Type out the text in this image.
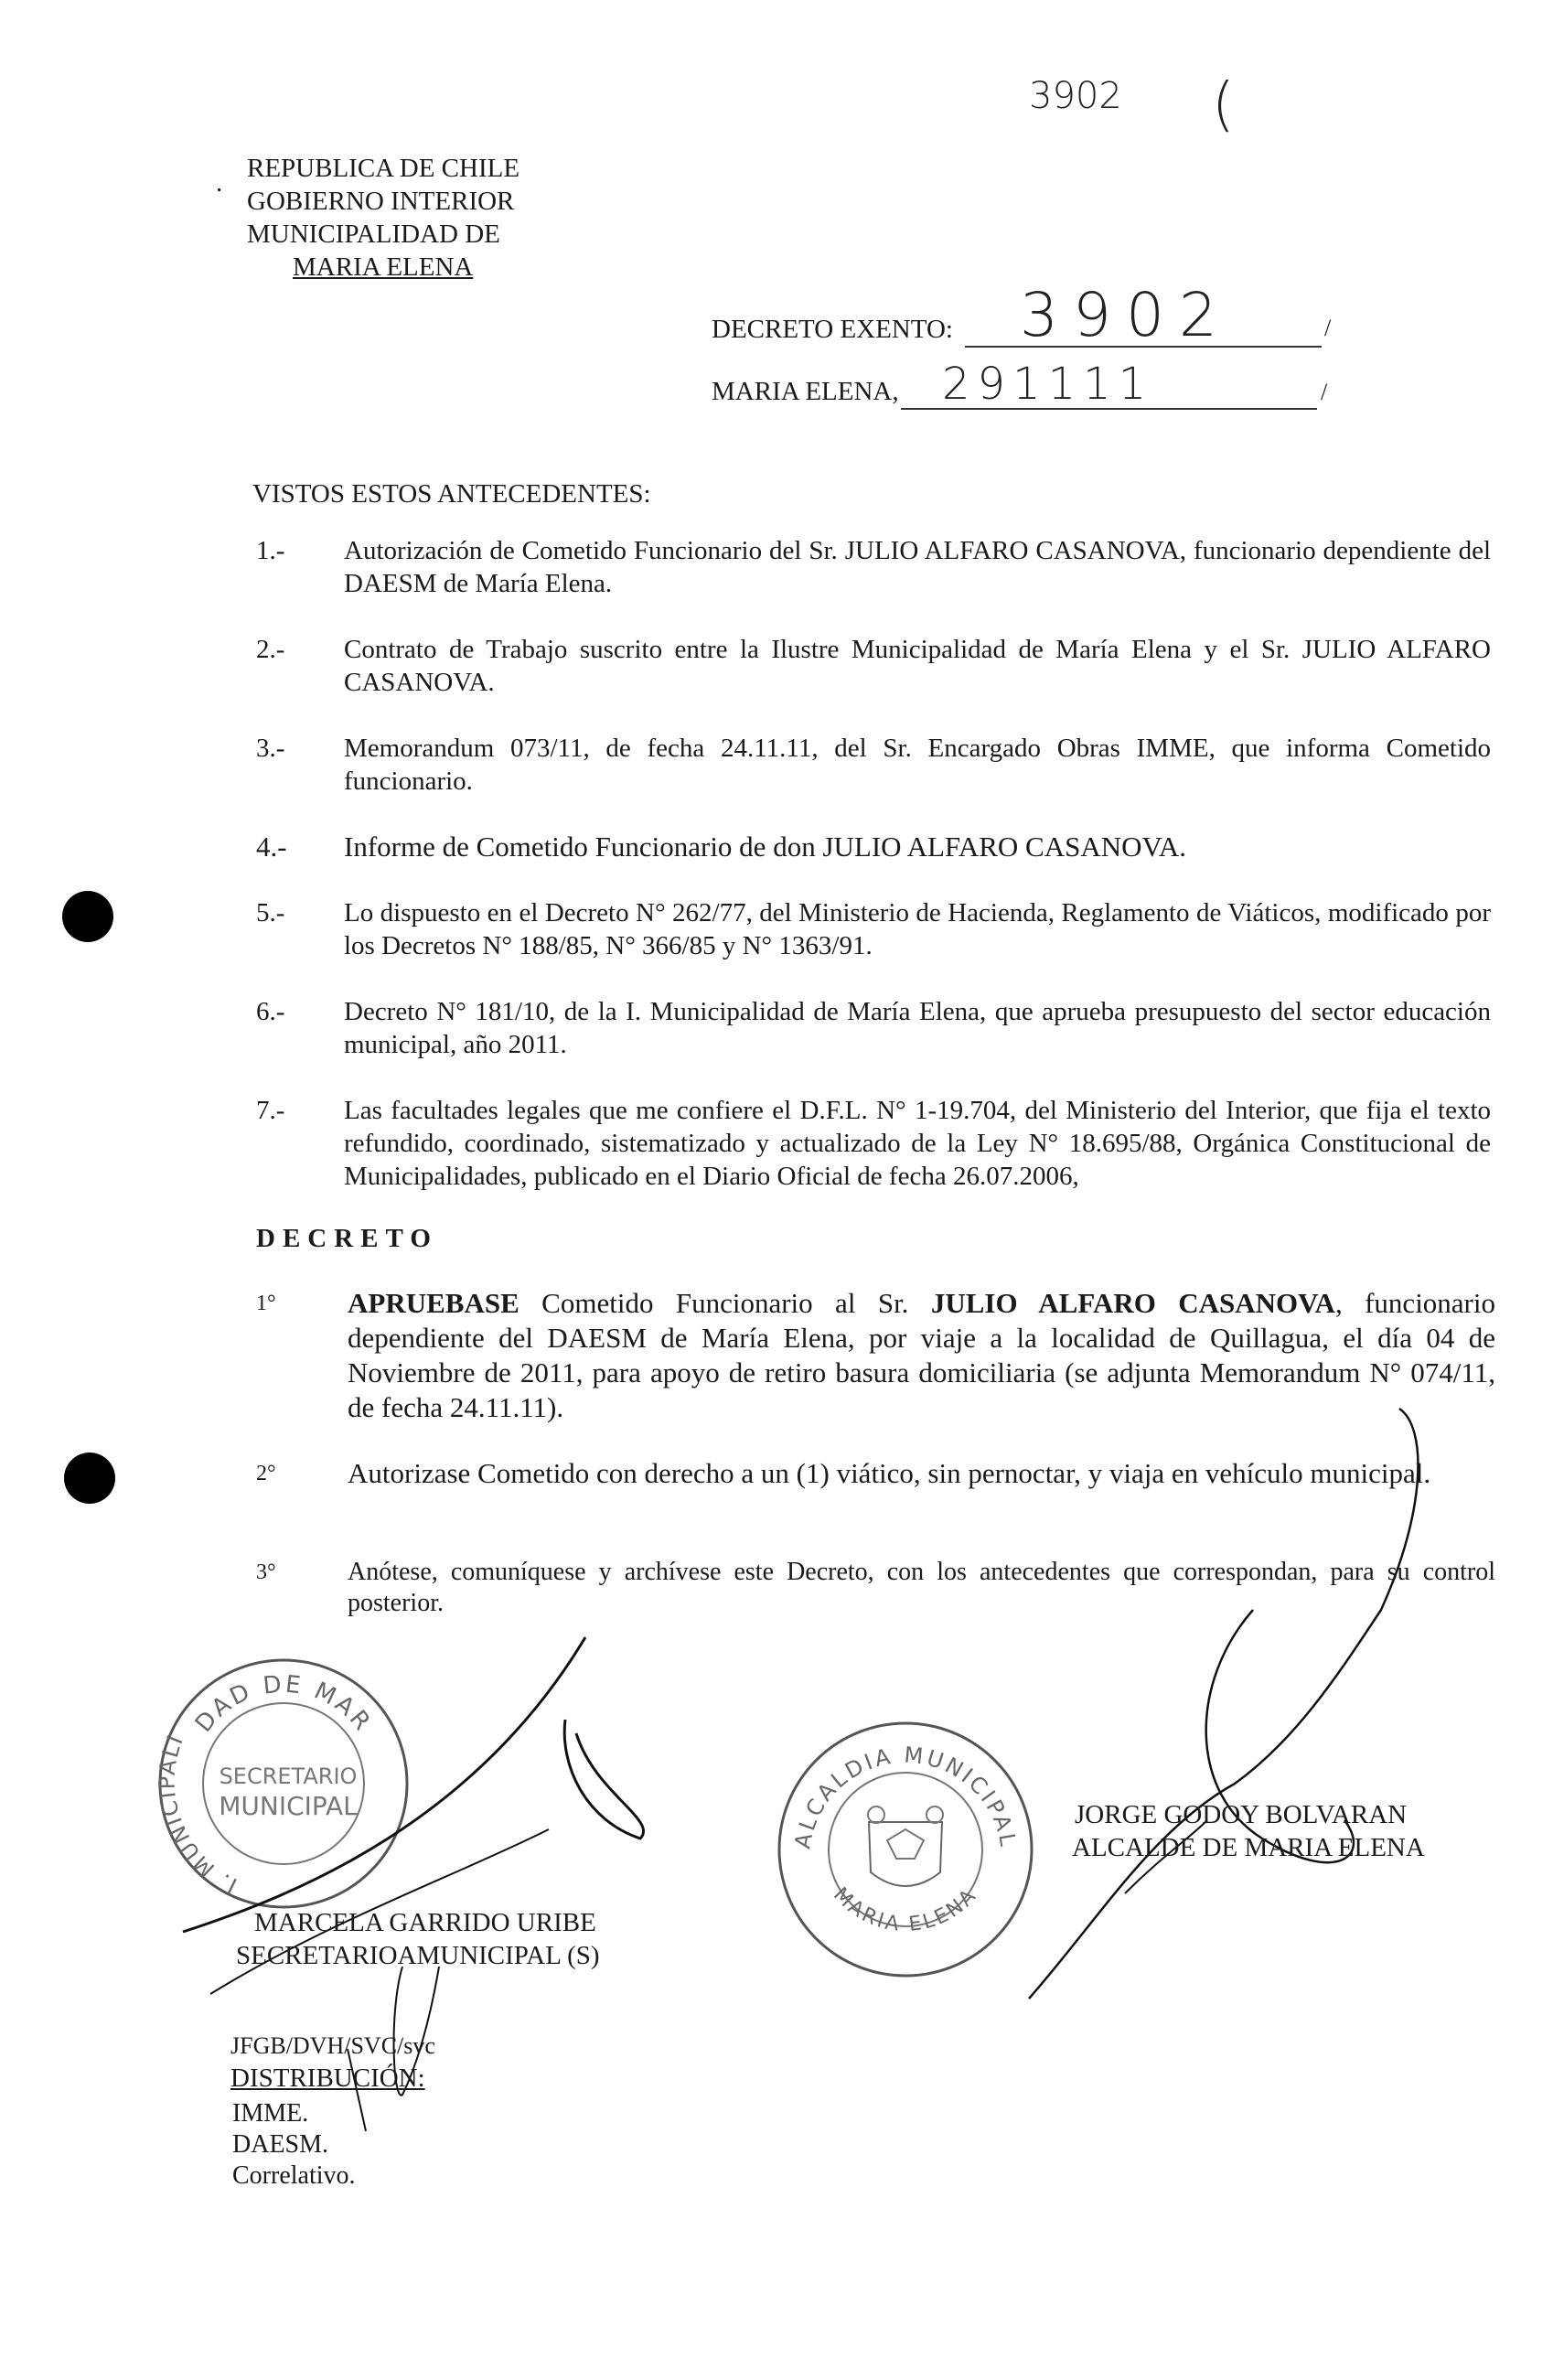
3902 (
. REPUBLICA DE CHILE
GOBIERNO INTERIOR
MUNICIPALIDAD DE
MARIA ELENA
DECRETO EXENTO: 3902	/
MARIA ELENA, 291111	/
VISTOS ESTOS ANTECEDENTES:
1.- Autorización de Cometido Funcionario del Sr. JULIO ALFARO CASANOVA, funcionario dependiente del DAESM de María Elena.
2.- Contrato de Trabajo suscrito entre la Ilustre Municipalidad de María Elena y el Sr. JULIO ALFARO CASANOVA.
3.- Memorandum 073/11, de fecha 24.11.11, del Sr. Encargado Obras IMME, que informa Cometido funcionario.
4.- Informe de Cometido Funcionario de don JULIO ALFARO CASANOVA.
5.- Lo dispuesto en el Decreto N° 262/77, del Ministerio de Hacienda, Reglamento de Viáticos, modificado por los Decretos N° 188/85, N° 366/85 y N° 1363/91.
6.- Decreto N° 181/10, de la I. Municipalidad de María Elena, que aprueba presupuesto del sector educación municipal, año 2011.
7.- Las facultades legales que me confiere el D.F.L. N° 1-19.704, del Ministerio del Interior, que fija el texto refundido, coordinado, sistematizado y actualizado de la Ley N° 18.695/88, Orgánica Constitucional de Municipalidades, publicado en el Diario Oficial de fecha 26.07.2006,
DECRETO
1°	APRUEBASE Cometido Funcionario al Sr. JULIO ALFARO CASANOVA, funcionario dependiente del DAESM de María Elena, por viaje a la localidad de Quillagua, el día 04 de Noviembre de 2011, para apoyo de retiro basura domiciliaria (se adjunta Memorandum N° 074/11, de fecha 24.11.11).
2°	Autorizase Cometido con derecho a un (1) viático, sin pernoctar, y viaja en vehículo municipal.
3°	Anótese, comuníquese y archívese este Decreto, con los antecedentes que correspondan, para su control posterior.
DAD DE MAR
I. MUNICIPALI
SECRETARIO
MUNICIPAL
ALCALDIA MUNICIPAL
MARIA ELENA
MARCELA GARRIDO URIBE
SECRETARIOAMUNICIPAL (S)
JORGE GODOY BOLVARAN
ALCALDE DE MARIA ELENA
JFGB/DVH/SVC/svc
DISTRIBUCIÓN:
IMME.
DAESM.
Correlativo.
